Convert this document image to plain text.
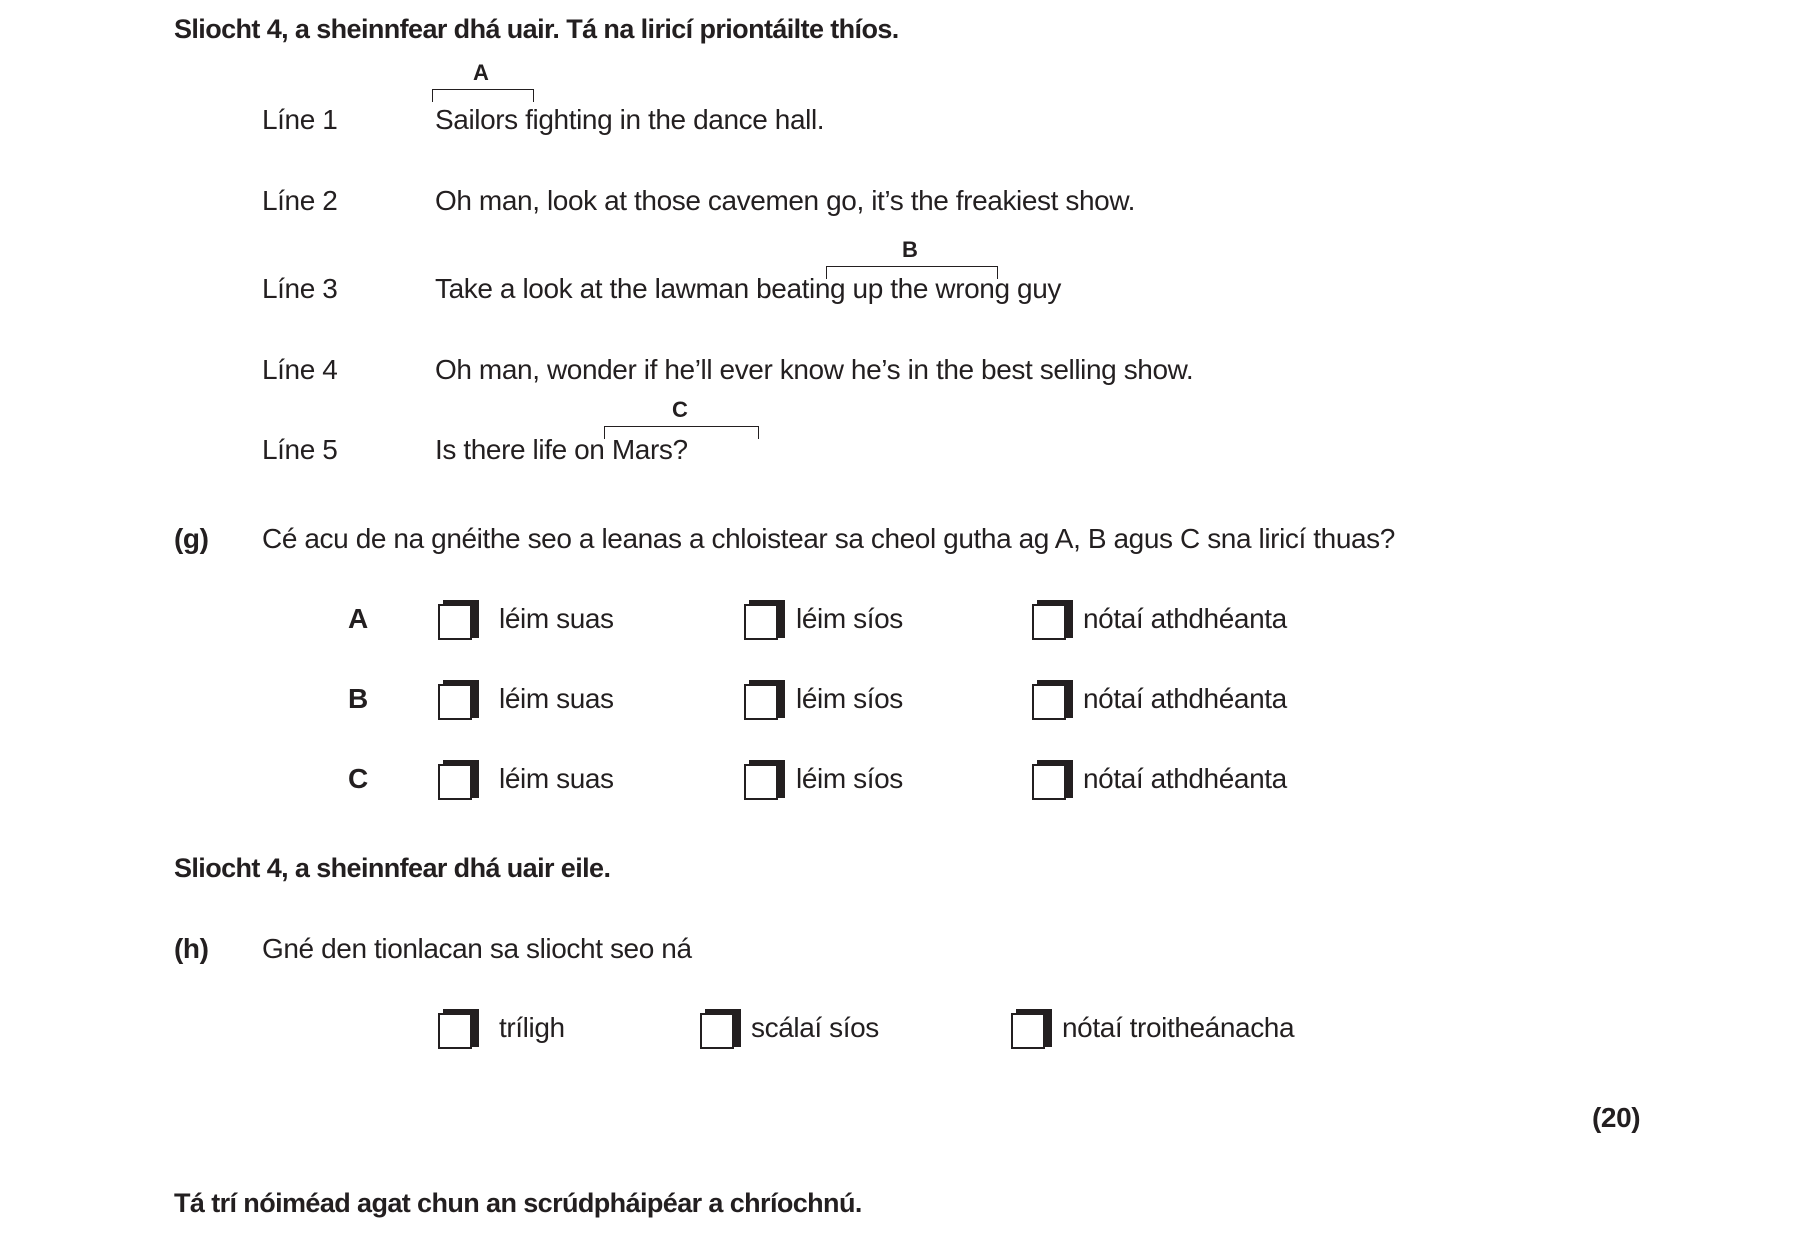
Sliocht 4, a sheinnfear dhá uair. Tá na liricí priontáilte thíos.
A
Líne 1	Sailors fighting in the dance hall.
Líne 2	Oh man, look at those cavemen go, it’s the freakiest show.
B
Líne 3	Take a look at the lawman beating up the wrong guy
Líne 4	Oh man, wonder if he’ll ever know he’s in the best selling show.
C
Líne 5	Is there life on Mars?
(g) Cé acu de na gnéithe seo a leanas a chloistear sa cheol gutha ag A, B agus C sna liricí thuas?
A	léim suas	léim síos	nótaí athdhéanta
B	léim suas	léim síos	nótaí athdhéanta
C	léim suas	léim síos	nótaí athdhéanta
Sliocht 4, a sheinnfear dhá uair eile.
(h) Gné den tionlacan sa sliocht seo ná
tríligh	scálaí síos	nótaí troitheánacha
(20)
Tá trí nóiméad agat chun an scrúdpháipéar a chríochnú.
